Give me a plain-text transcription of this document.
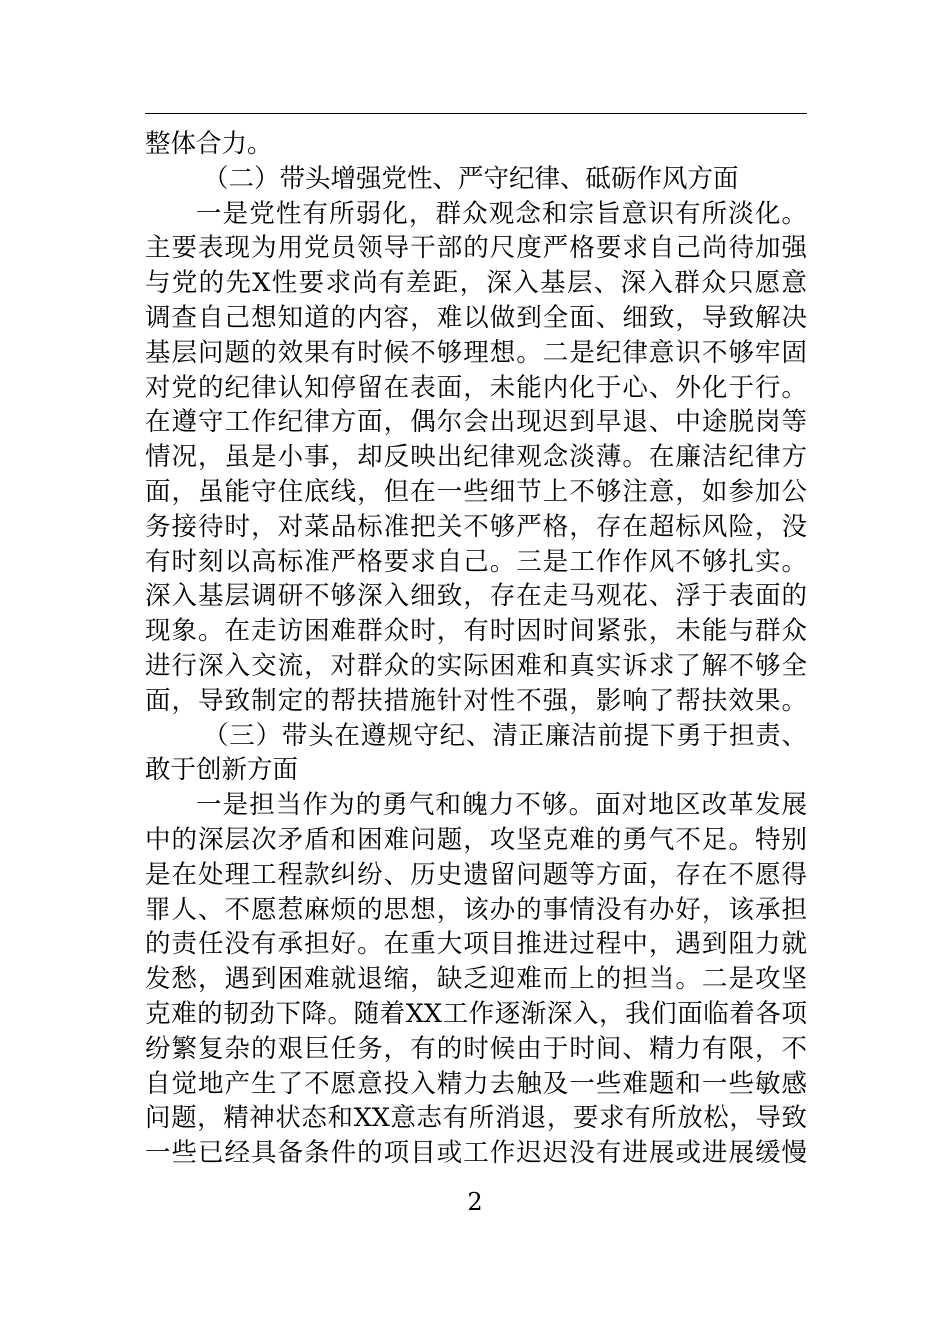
整体合力。
（二）带头增强党性、严守纪律、砥砺作风方面
一是党性有所弱化，群众观念和宗旨意识有所淡化。
主要表现为用党员领导干部的尺度严格要求自己尚待加强
与党的先X性要求尚有差距，深入基层、深入群众只愿意
调查自己想知道的内容，难以做到全面、细致，导致解决
基层问题的效果有时候不够理想。二是纪律意识不够牢固
对党的纪律认知停留在表面，未能内化于心、外化于行。
在遵守工作纪律方面，偶尔会出现迟到早退、中途脱岗等
情况，虽是小事，却反映出纪律观念淡薄。在廉洁纪律方
面，虽能守住底线，但在一些细节上不够注意，如参加公
务接待时，对菜品标准把关不够严格，存在超标风险，没
有时刻以高标准严格要求自己。三是工作作风不够扎实。
深入基层调研不够深入细致，存在走马观花、浮于表面的
现象。在走访困难群众时，有时因时间紧张，未能与群众
进行深入交流，对群众的实际困难和真实诉求了解不够全
面，导致制定的帮扶措施针对性不强，影响了帮扶效果。
（三）带头在遵规守纪、清正廉洁前提下勇于担责、
敢于创新方面
一是担当作为的勇气和魄力不够。面对地区改革发展
中的深层次矛盾和困难问题，攻坚克难的勇气不足。特别
是在处理工程款纠纷、历史遗留问题等方面，存在不愿得
罪人、不愿惹麻烦的思想，该办的事情没有办好，该承担
的责任没有承担好。在重大项目推进过程中，遇到阻力就
发愁，遇到困难就退缩，缺乏迎难而上的担当。二是攻坚
克难的韧劲下降。随着XX工作逐渐深入，我们面临着各项
纷繁复杂的艰巨任务，有的时候由于时间、精力有限，不
自觉地产生了不愿意投入精力去触及一些难题和一些敏感
问题，精神状态和XX意志有所消退，要求有所放松，导致
一些已经具备条件的项目或工作迟迟没有进展或进展缓慢
2
